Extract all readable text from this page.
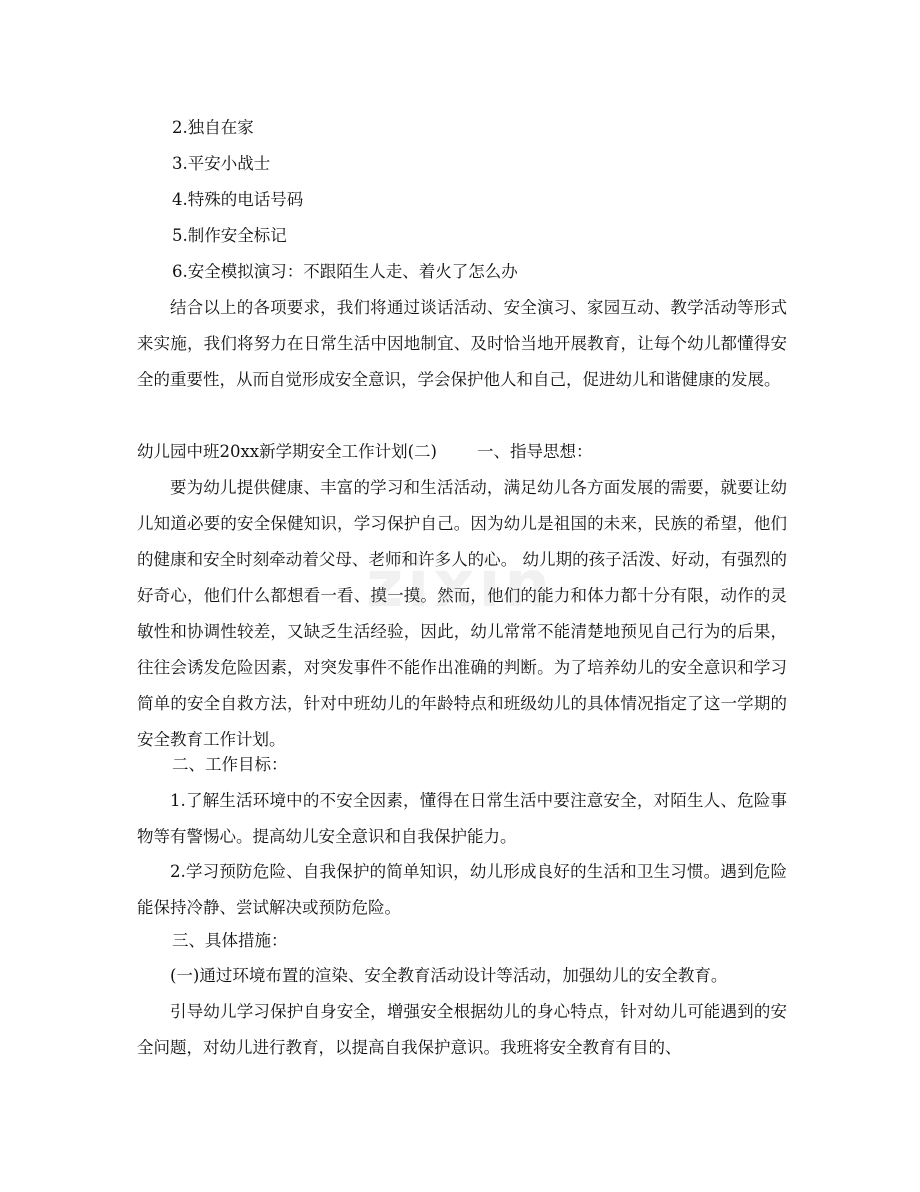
2.独自在家
3.平安小战士
4.特殊的电话号码
5.制作安全标记
6.安全模拟演习：不跟陌生人走、着火了怎么办
结合以上的各项要求，我们将通过谈话活动、安全演习、家园互动、教学活动等形式来实施，我们将努力在日常生活中因地制宜、及时恰当地开展教育，让每个幼儿都懂得安全的重要性，从而自觉形成安全意识，学会保护他人和自己，促进幼儿和谐健康的发展。
幼儿园中班20xx新学期安全工作计划(二) 一、指导思想：
要为幼儿提供健康、丰富的学习和生活活动，满足幼儿各方面发展的需要，就要让幼儿知道必要的安全保健知识，学习保护自己。因为幼儿是祖国的未来，民族的希望，他们的健康和安全时刻牵动着父母、老师和许多人的心。 幼儿期的孩子活泼、好动，有强烈的好奇心，他们什么都想看一看、摸一摸。然而，他们的能力和体力都十分有限，动作的灵敏性和协调性较差，又缺乏生活经验，因此，幼儿常常不能清楚地预见自己行为的后果，往往会诱发危险因素，对突发事件不能作出准确的判断。为了培养幼儿的安全意识和学习简单的安全自救方法，针对中班幼儿的年龄特点和班级幼儿的具体情况指定了这一学期的安全教育工作计划。
二、工作目标：
1.了解生活环境中的不安全因素，懂得在日常生活中要注意安全，对陌生人、危险事物等有警惕心。提高幼儿安全意识和自我保护能力。
2.学习预防危险、自我保护的简单知识，幼儿形成良好的生活和卫生习惯。遇到危险能保持冷静、尝试解决或预防危险。
三、具体措施：
(一)通过环境布置的渲染、安全教育活动设计等活动，加强幼儿的安全教育。
引导幼儿学习保护自身安全，增强安全根据幼儿的身心特点，针对幼儿可能遇到的安全问题，对幼儿进行教育，以提高自我保护意识。我班将安全教育有目的、
zixin
